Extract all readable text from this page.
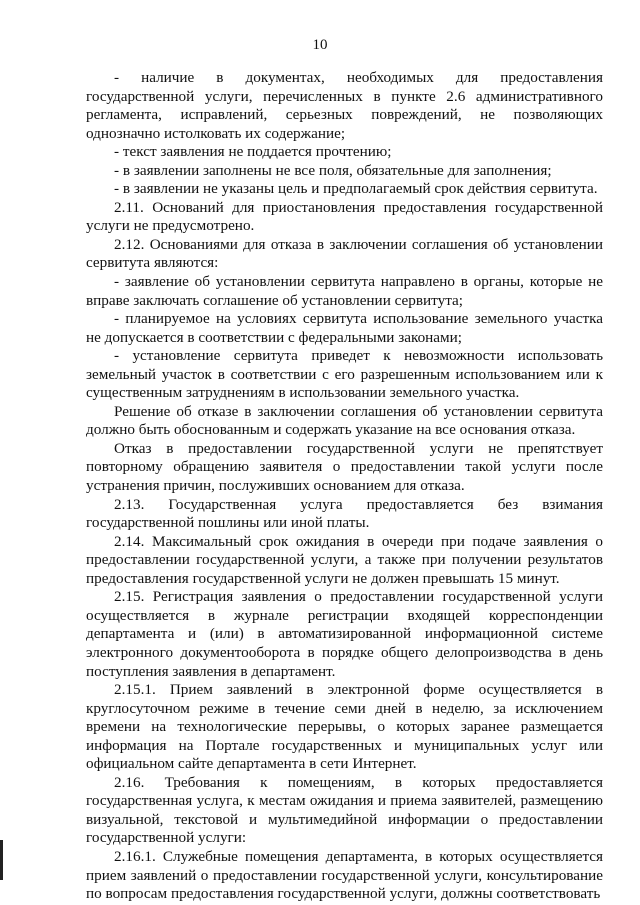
10

- наличие в документах, необходимых для предоставления государственной услуги, перечисленных в пункте 2.6 административного регламента, исправлений, серьезных повреждений, не позволяющих однозначно истолковать их содержание;

- текст заявления не поддается прочтению;

- в заявлении заполнены не все поля, обязательные для заполнения;

- в заявлении не указаны цель и предполагаемый срок действия сервитута.

2.11. Оснований для приостановления предоставления государственной услуги не предусмотрено.

2.12. Основаниями для отказа в заключении соглашения об установлении сервитута являются:

- заявление об установлении сервитута направлено в органы, которые не вправе заключать соглашение об установлении сервитута;

- планируемое на условиях сервитута использование земельного участка не допускается в соответствии с федеральными законами;

- установление сервитута приведет к невозможности использовать земельный участок в соответствии с его разрешенным использованием или к существенным затруднениям в использовании земельного участка.

Решение об отказе в заключении соглашения об установлении сервитута должно быть обоснованным и содержать указание на все основания отказа.

Отказ в предоставлении государственной услуги не препятствует повторному обращению заявителя о предоставлении такой услуги после устранения причин, послуживших основанием для отказа.

2.13. Государственная услуга предоставляется без взимания государственной пошлины или иной платы.

2.14. Максимальный срок ожидания в очереди при подаче заявления о предоставлении государственной услуги, а также при получении результатов предоставления государственной услуги не должен превышать 15 минут.

2.15. Регистрация заявления о предоставлении государственной услуги осуществляется в журнале регистрации входящей корреспонденции департамента и (или) в автоматизированной информационной системе электронного документооборота в порядке общего делопроизводства в день поступления заявления в департамент.

2.15.1. Прием заявлений в электронной форме осуществляется в круглосуточном режиме в течение семи дней в неделю, за исключением времени на технологические перерывы, о которых заранее размещается информация на Портале государственных и муниципальных услуг или официальном сайте департамента в сети Интернет.

2.16. Требования к помещениям, в которых предоставляется государственная услуга, к местам ожидания и приема заявителей, размещению визуальной, текстовой и мультимедийной информации о предоставлении государственной услуги:

2.16.1. Служебные помещения департамента, в которых осуществляется прием заявлений о предоставлении государственной услуги, консультирование по вопросам предоставления государственной услуги, должны соответствовать
